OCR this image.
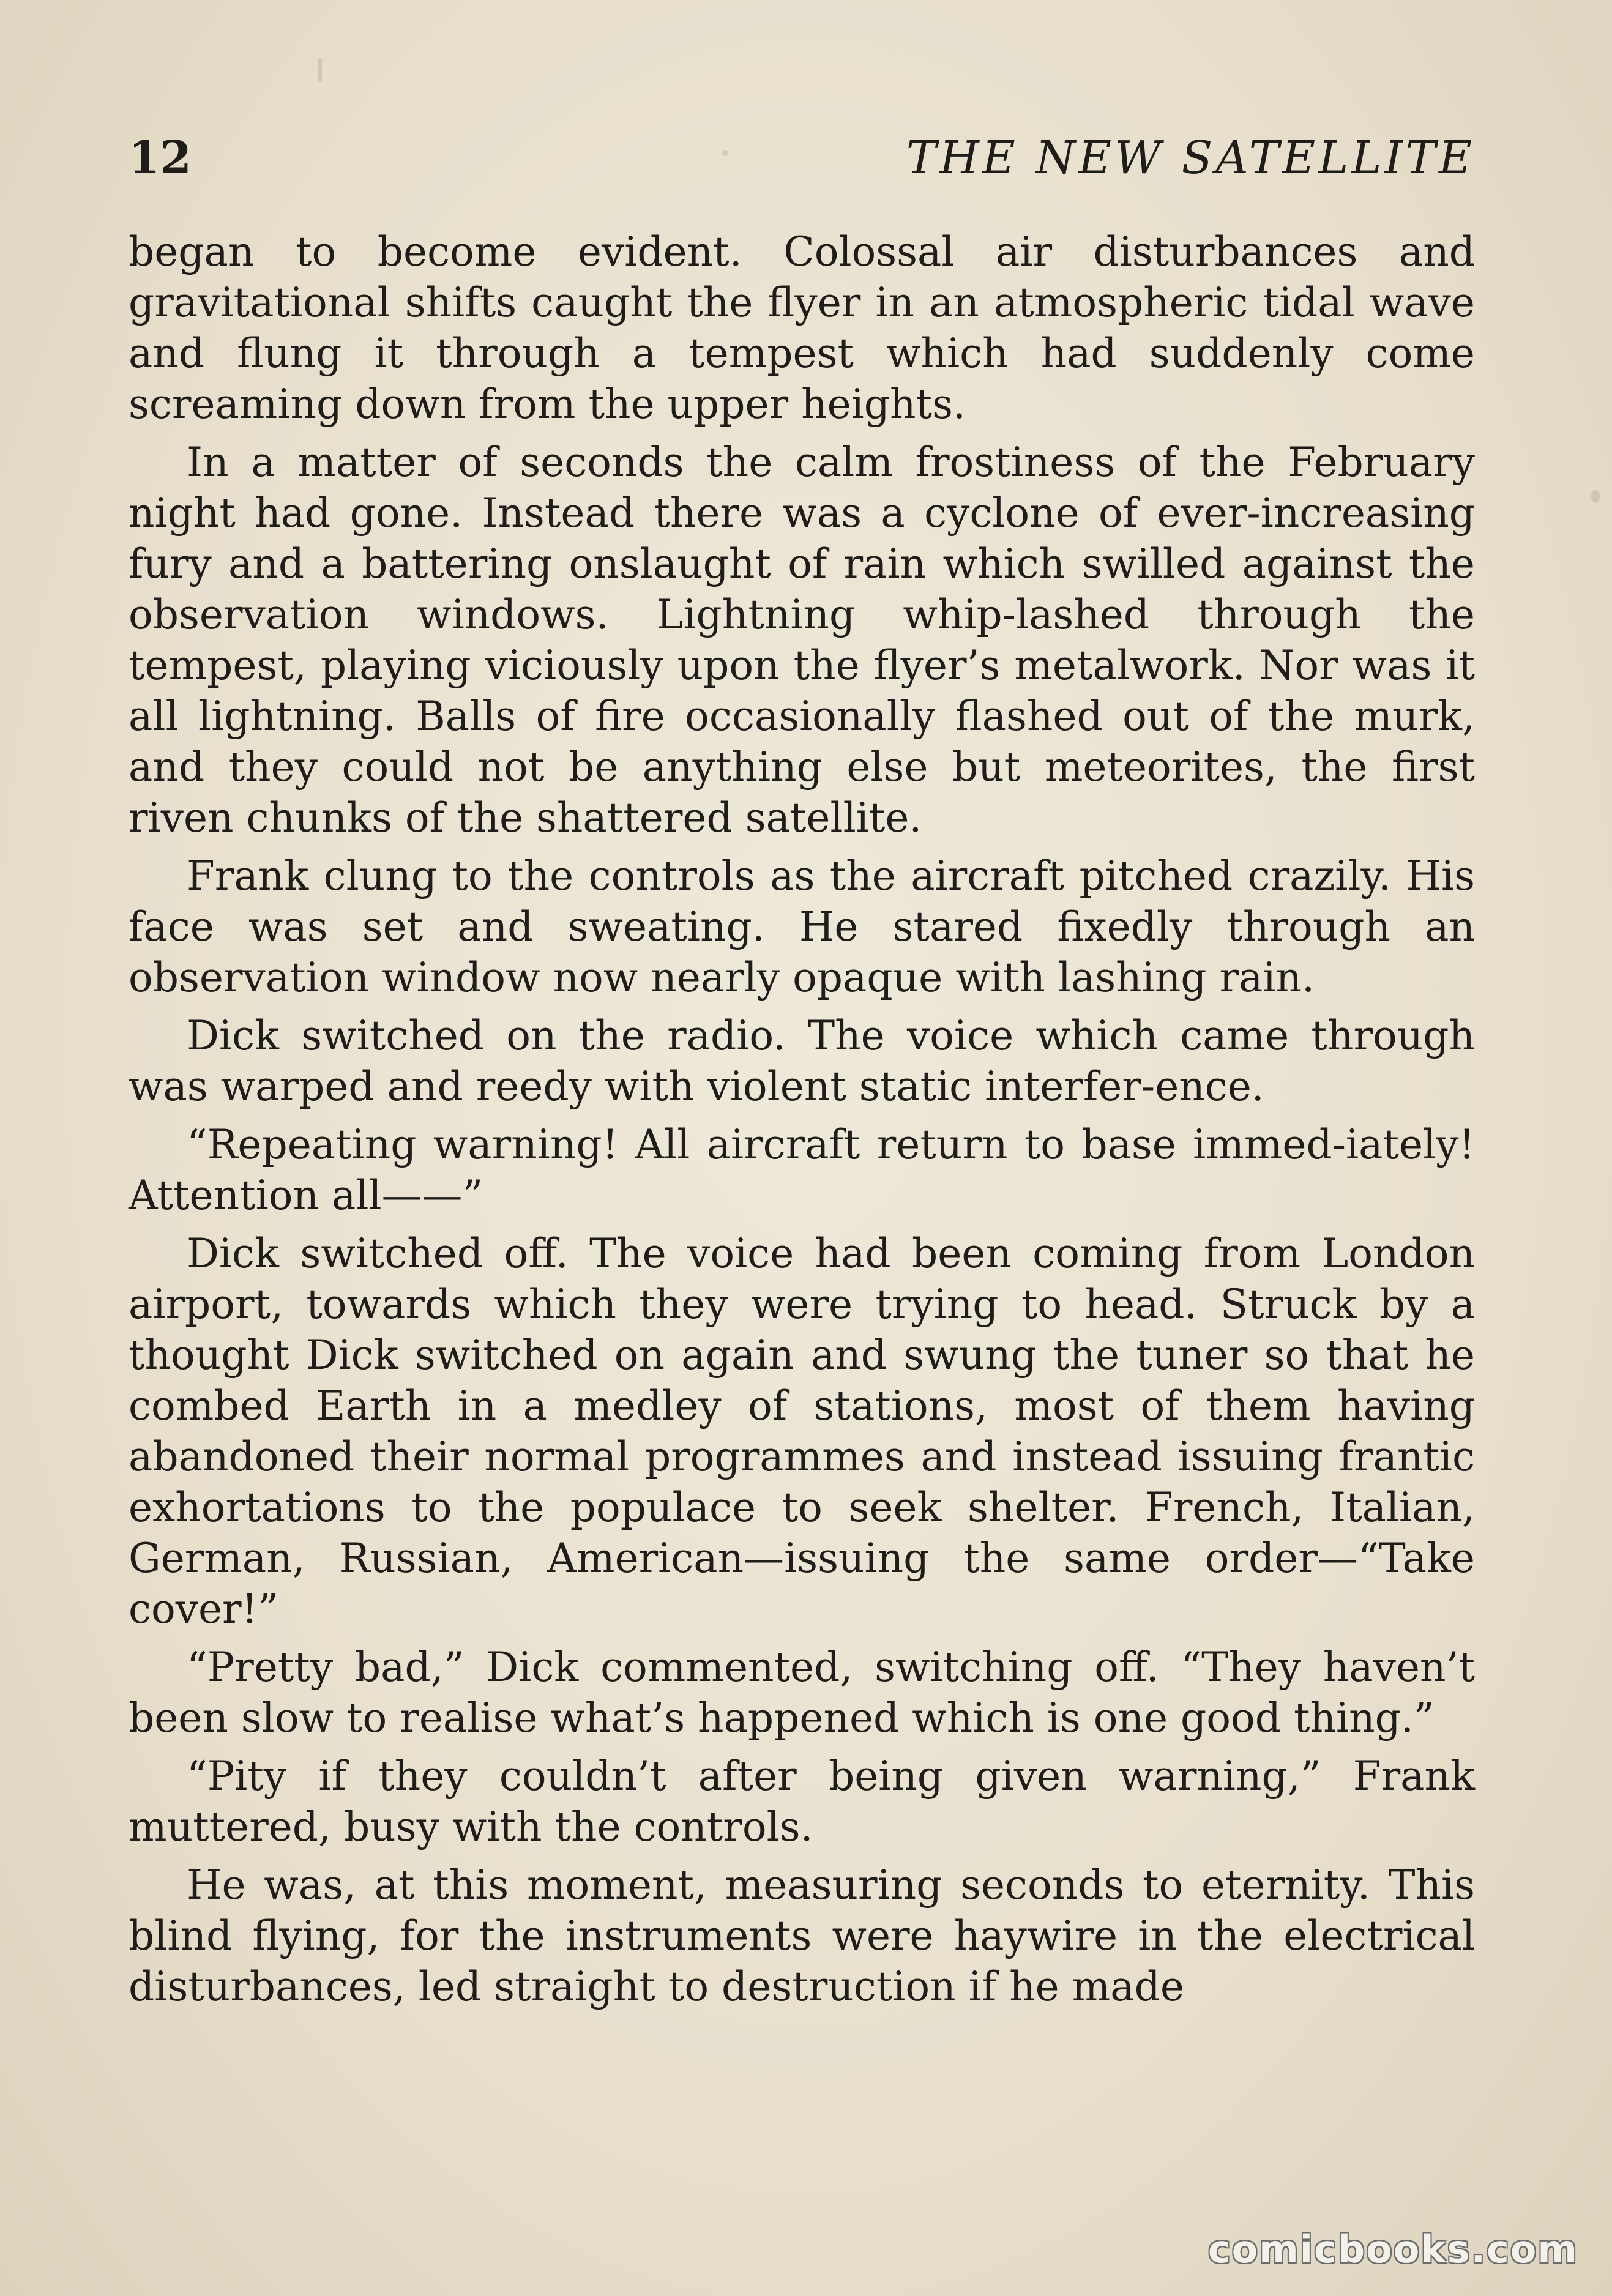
12	THE NEW SATELLITE

began to become evident. Colossal air disturbances and gravitational shifts caught the flyer in an atmospheric tidal wave and flung it through a tempest which had suddenly come screaming down from the upper heights.

In a matter of seconds the calm frostiness of the February night had gone. Instead there was a cyclone of ever-increasing fury and a battering onslaught of rain which swilled against the observation windows. Lightning whip-lashed through the tempest, playing viciously upon the flyer’s metalwork. Nor was it all lightning. Balls of fire occasionally flashed out of the murk, and they could not be anything else but meteorites, the first riven chunks of the shattered satellite.

Frank clung to the controls as the aircraft pitched crazily. His face was set and sweating. He stared fixedly through an observation window now nearly opaque with lashing rain.

Dick switched on the radio. The voice which came through was warped and reedy with violent static interfer-ence.

“Repeating warning! All aircraft return to base immed-iately! Attention all——”

Dick switched off. The voice had been coming from London airport, towards which they were trying to head. Struck by a thought Dick switched on again and swung the tuner so that he combed Earth in a medley of stations, most of them having abandoned their normal programmes and instead issuing frantic exhortations to the populace to seek shelter. French, Italian, German, Russian, American—issuing the same order—“Take cover!”

“Pretty bad,” Dick commented, switching off. “They haven’t been slow to realise what’s happened which is one good thing.”

“Pity if they couldn’t after being given warning,” Frank muttered, busy with the controls.

He was, at this moment, measuring seconds to eternity. This blind flying, for the instruments were haywire in the electrical disturbances, led straight to destruction if he made

comicbooks.com
